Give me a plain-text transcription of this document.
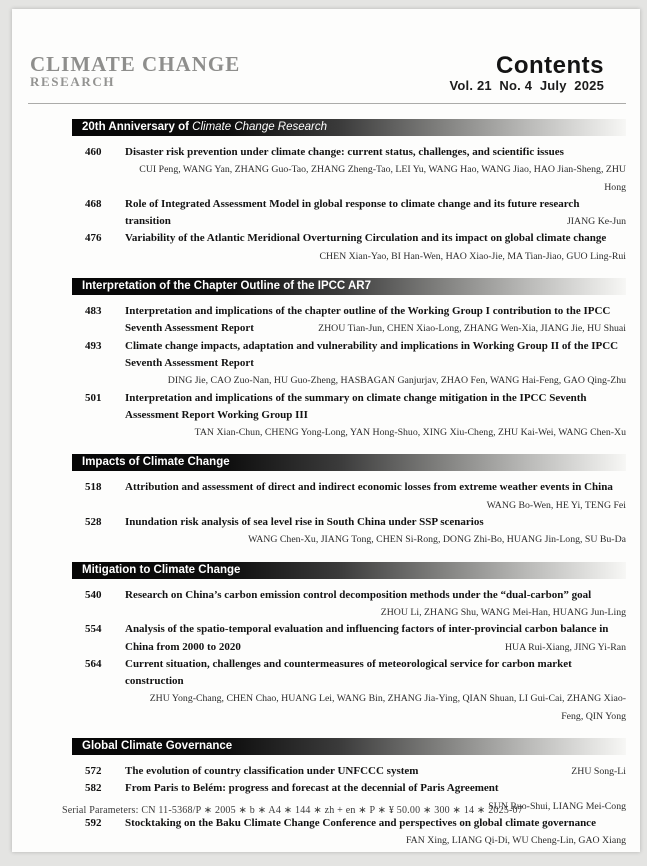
CLIMATE CHANGE
RESEARCH
Contents
Vol. 21  No. 4  July  2025
20th Anniversary of Climate Change Research
460	Disaster risk prevention under climate change: current status, challenges, and scientific issues
CUI Peng, WANG Yan, ZHANG Guo-Tao, ZHANG Zheng-Tao, LEI Yu, WANG Hao, WANG Jiao, HAO Jian-Sheng, ZHU Hong
468	Role of Integrated Assessment Model in global response to climate change and its future research transition	JIANG Ke-Jun
476	Variability of the Atlantic Meridional Overturning Circulation and its impact on global climate change
CHEN Xian-Yao, BI Han-Wen, HAO Xiao-Jie, MA Tian-Jiao, GUO Ling-Rui
Interpretation of the Chapter Outline of the IPCC AR7
483	Interpretation and implications of the chapter outline of the Working Group I contribution to the IPCC Seventh Assessment Report	ZHOU Tian-Jun, CHEN Xiao-Long, ZHANG Wen-Xia, JIANG Jie, HU Shuai
493	Climate change impacts, adaptation and vulnerability and implications in Working Group II of the IPCC Seventh Assessment Report
DING Jie, CAO Zuo-Nan, HU Guo-Zheng, HASBAGAN Ganjurjav, ZHAO Fen, WANG Hai-Feng, GAO Qing-Zhu
501	Interpretation and implications of the summary on climate change mitigation in the IPCC Seventh Assessment Report Working Group III
TAN Xian-Chun, CHENG Yong-Long, YAN Hong-Shuo, XING Xiu-Cheng, ZHU Kai-Wei, WANG Chen-Xu
Impacts of Climate Change
518	Attribution and assessment of direct and indirect economic losses from extreme weather events in China
WANG Bo-Wen, HE Yi, TENG Fei
528	Inundation risk analysis of sea level rise in South China under SSP scenarios
WANG Chen-Xu, JIANG Tong, CHEN Si-Rong, DONG Zhi-Bo, HUANG Jin-Long, SU Bu-Da
Mitigation to Climate Change
540	Research on China’s carbon emission control decomposition methods under the “dual-carbon” goal
ZHOU Li, ZHANG Shu, WANG Mei-Han, HUANG Jun-Ling
554	Analysis of the spatio-temporal evaluation and influencing factors of inter-provincial carbon balance in China from 2000 to 2020	HUA Rui-Xiang, JING Yi-Ran
564	Current situation, challenges and countermeasures of meteorological service for carbon market construction
ZHU Yong-Chang, CHEN Chao, HUANG Lei, WANG Bin, ZHANG Jia-Ying, QIAN Shuan, LI Gui-Cai, ZHANG Xiao-Feng, QIN Yong
Global Climate Governance
572	The evolution of country classification under UNFCCC system	ZHU Song-Li
582	From Paris to Belém: progress and forecast at the decennial of Paris Agreement
SUN Ruo-Shui, LIANG Mei-Cong
592	Stocktaking on the Baku Climate Change Conference and perspectives on global climate governance
FAN Xing, LIANG Qi-Di, WU Cheng-Lin, GAO Xiang
Serial Parameters: CN 11-5368/P ∗ 2005 ∗ b ∗ A4 ∗ 144 ∗ zh + en ∗ P ∗ ¥ 50.00 ∗ 300 ∗ 14 ∗ 2025-07
